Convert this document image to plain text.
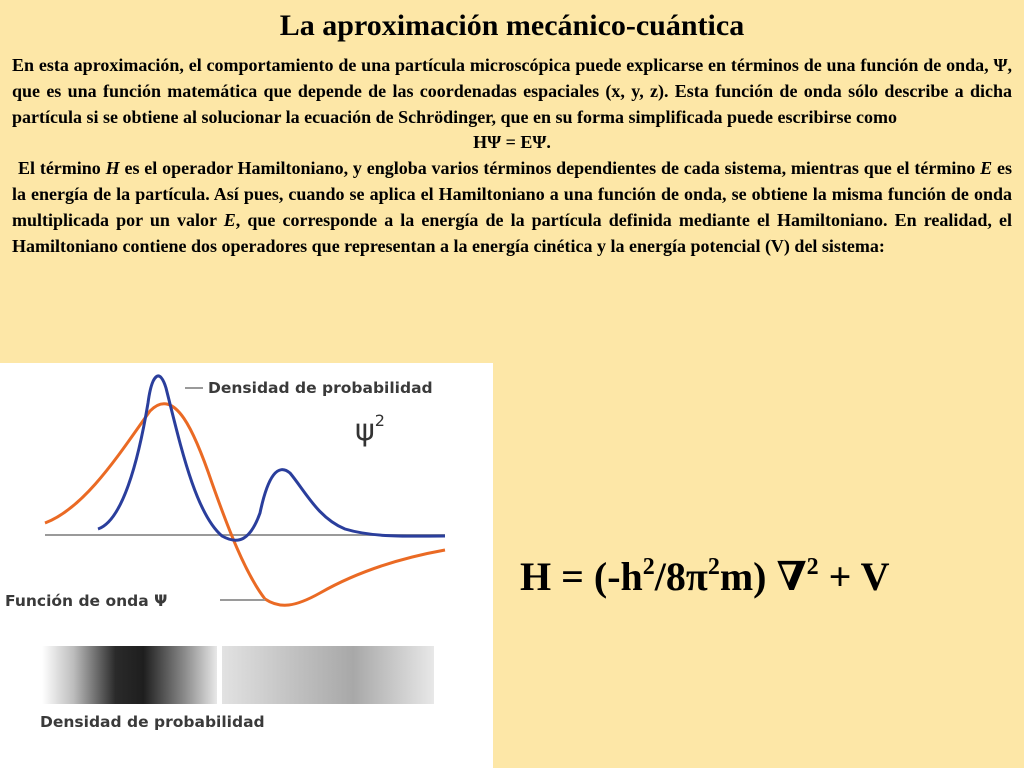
La aproximación mecánico-cuántica

En esta aproximación, el comportamiento de una partícula microscópica puede explicarse en términos de una función de onda, Ψ, que es una función matemática que depende de las coordenadas espaciales (x, y, z). Esta función de onda sólo describe a dicha partícula si se obtiene al solucionar la ecuación de Schrödinger, que en su forma simplificada puede escribirse como

HΨ = EΨ.

El término H es el operador Hamiltoniano, y engloba varios términos dependientes de cada sistema, mientras que el término E es la energía de la partícula. Así pues, cuando se aplica el Hamiltoniano a una función de onda, se obtiene la misma función de onda multiplicada por un valor E, que corresponde a la energía de la partícula definida mediante el Hamiltoniano. En realidad, el Hamiltoniano contiene dos operadores que representan a la energía cinética y la energía potencial (V) del sistema:

Densidad de probabilidad
$\psi^2$
Función de onda Ψ
Densidad de probabilidad
$H = (-h^2/8\pi^2m) \nabla^2 + V$
